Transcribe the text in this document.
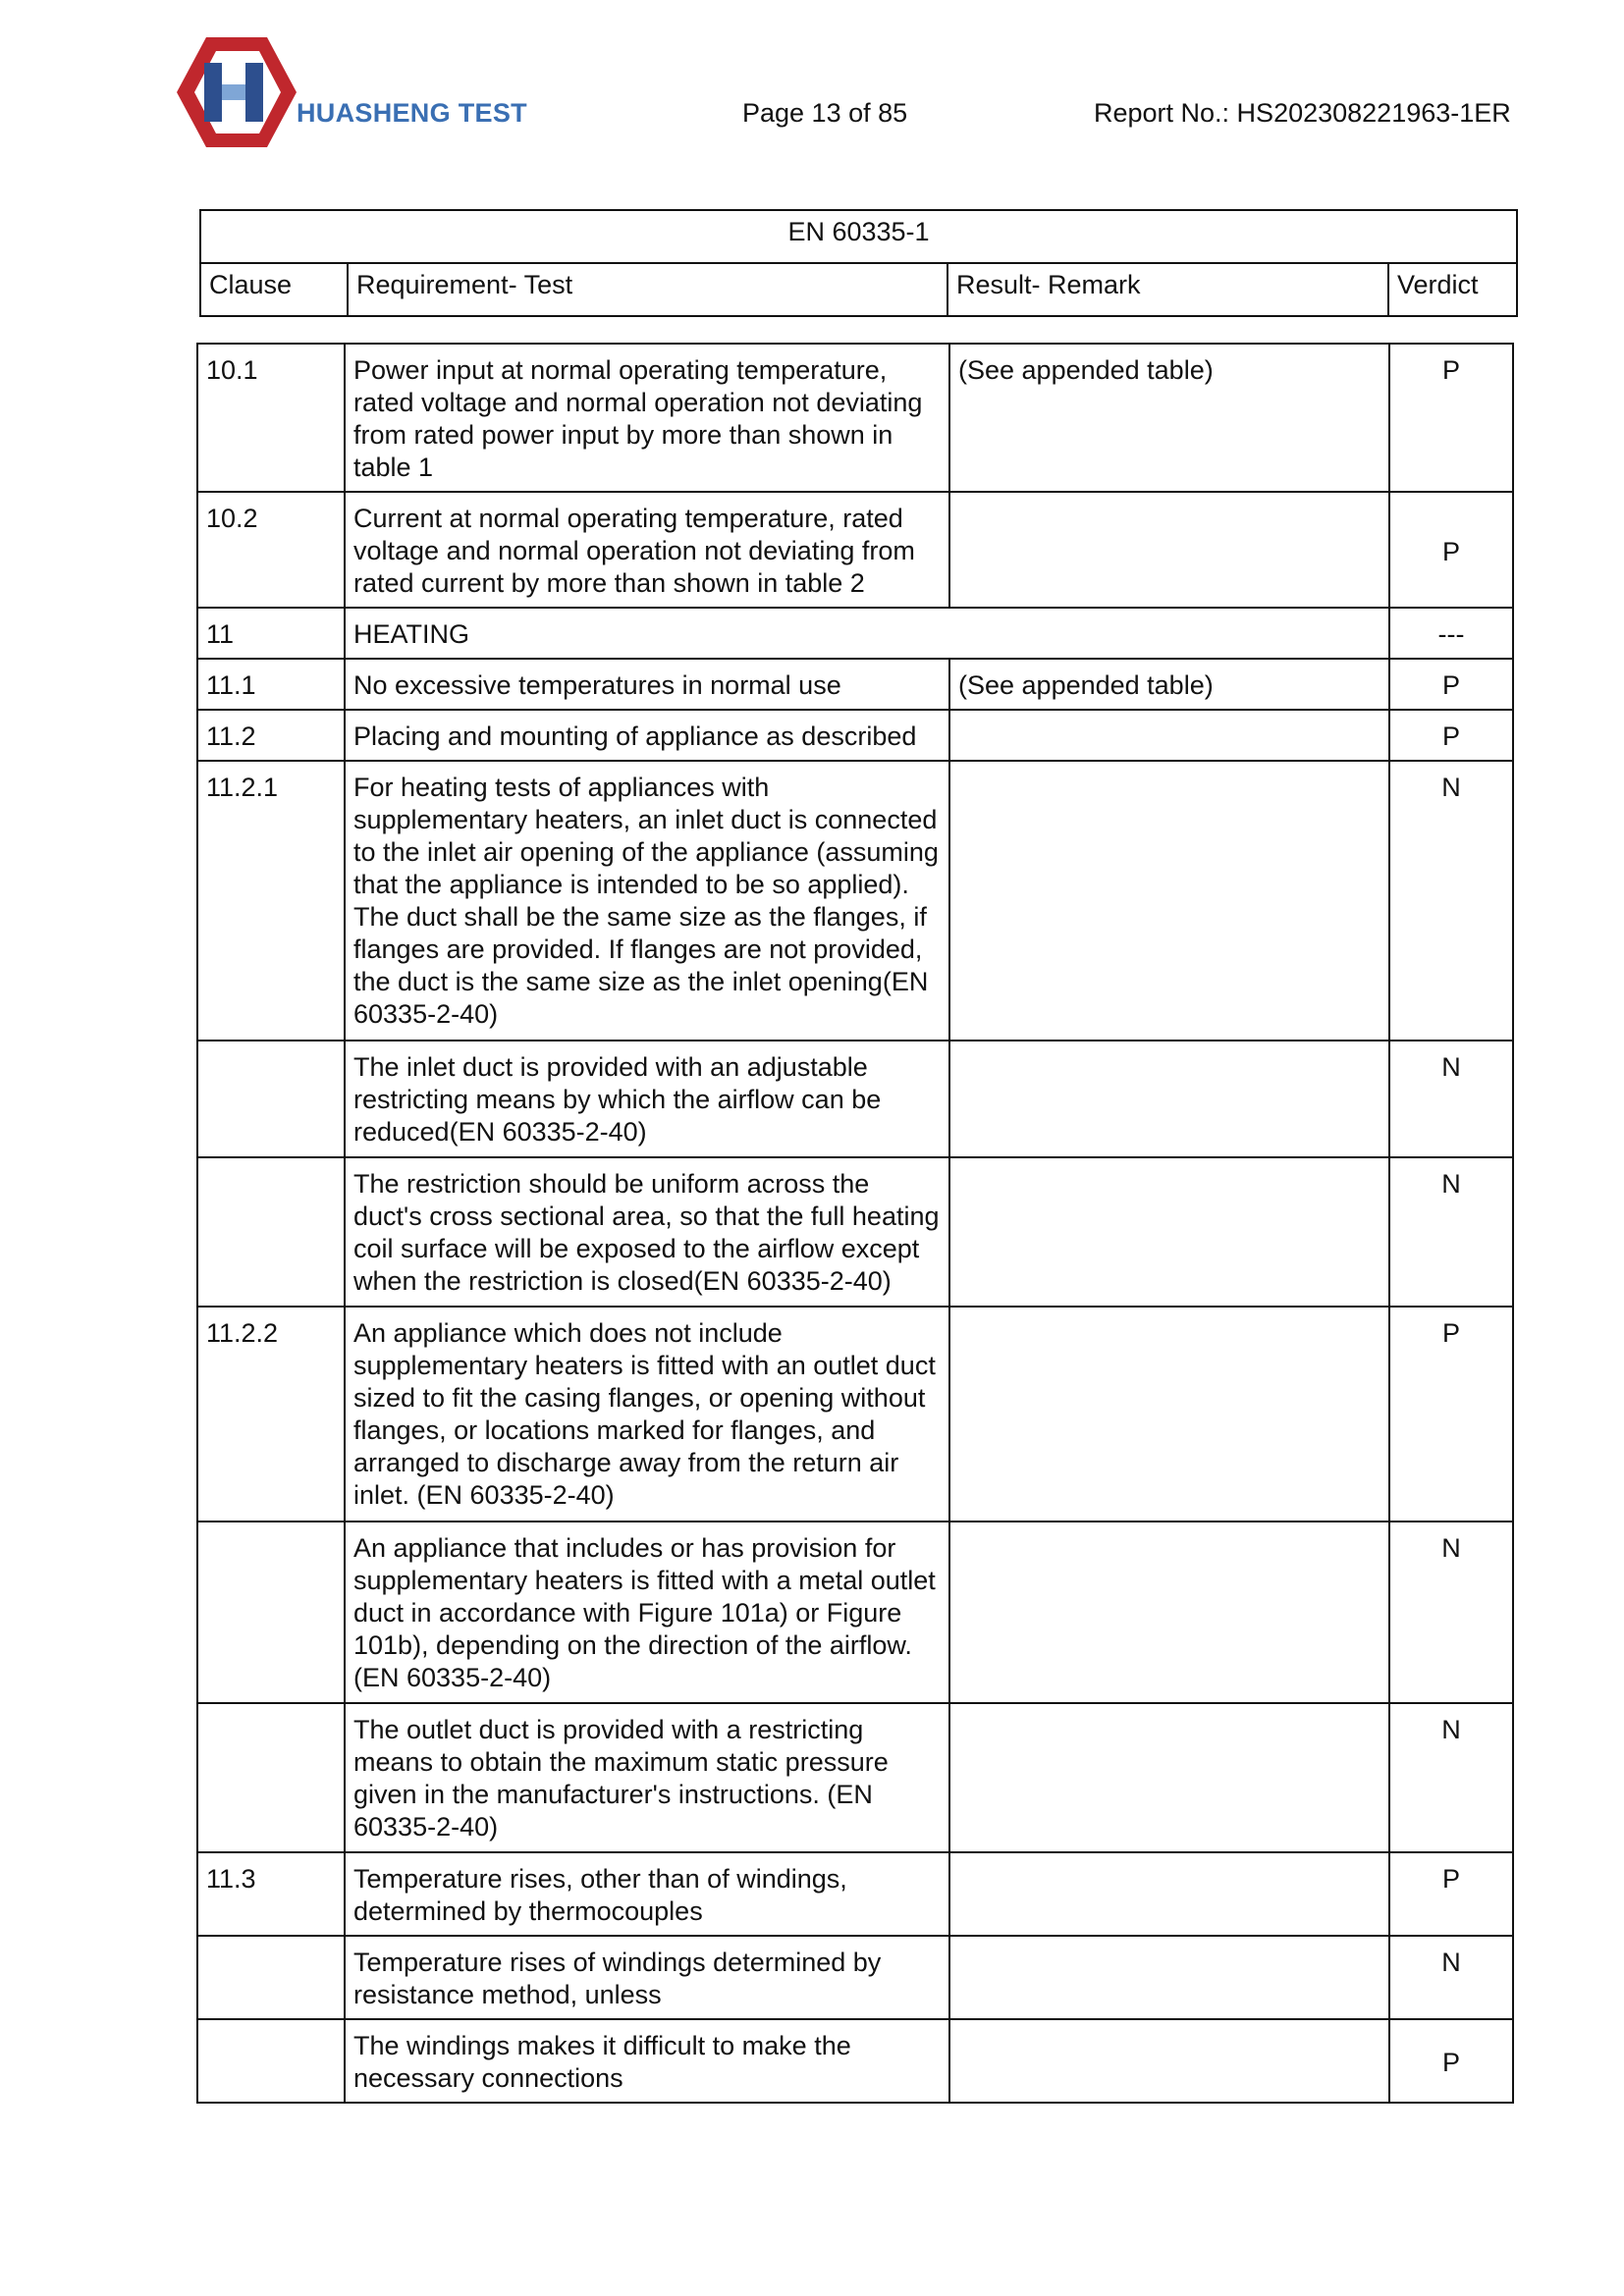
HUASHENG TEST	Page 13 of 85	Report No.: HS202308221963-1ER
EN 60335-1
Clause	Requirement- Test	Result- Remark	Verdict
10.1	Power input at normal operating temperature, rated voltage and normal operation not deviating from rated power input by more than shown in table 1	(See appended table)	P
10.2	Current at normal operating temperature, rated voltage and normal operation not deviating from rated current by more than shown in table 2		P
11	HEATING		---
11.1	No excessive temperatures in normal use	(See appended table)	P
11.2	Placing and mounting of appliance as described		P
11.2.1	For heating tests of appliances with supplementary heaters, an inlet duct is connected to the inlet air opening of the appliance (assuming that the appliance is intended to be so applied). The duct shall be the same size as the flanges, if flanges are provided. If flanges are not provided, the duct is the same size as the inlet opening(EN 60335-2-40)		N
	The inlet duct is provided with an adjustable restricting means by which the airflow can be reduced(EN 60335-2-40)		N
	The restriction should be uniform across the duct's cross sectional area, so that the full heating coil surface will be exposed to the airflow except when the restriction is closed(EN 60335-2-40)		N
11.2.2	An appliance which does not include supplementary heaters is fitted with an outlet duct sized to fit the casing flanges, or opening without flanges, or locations marked for flanges, and arranged to discharge away from the return air inlet. (EN 60335-2-40)		P
	An appliance that includes or has provision for supplementary heaters is fitted with a metal outlet duct in accordance with Figure 101a) or Figure 101b), depending on the direction of the airflow. (EN 60335-2-40)		N
	The outlet duct is provided with a restricting means to obtain the maximum static pressure given in the manufacturer's instructions. (EN 60335-2-40)		N
11.3	Temperature rises, other than of windings, determined by thermocouples		P
	Temperature rises of windings determined by resistance method, unless		N
	The windings makes it difficult to make the necessary connections		P
